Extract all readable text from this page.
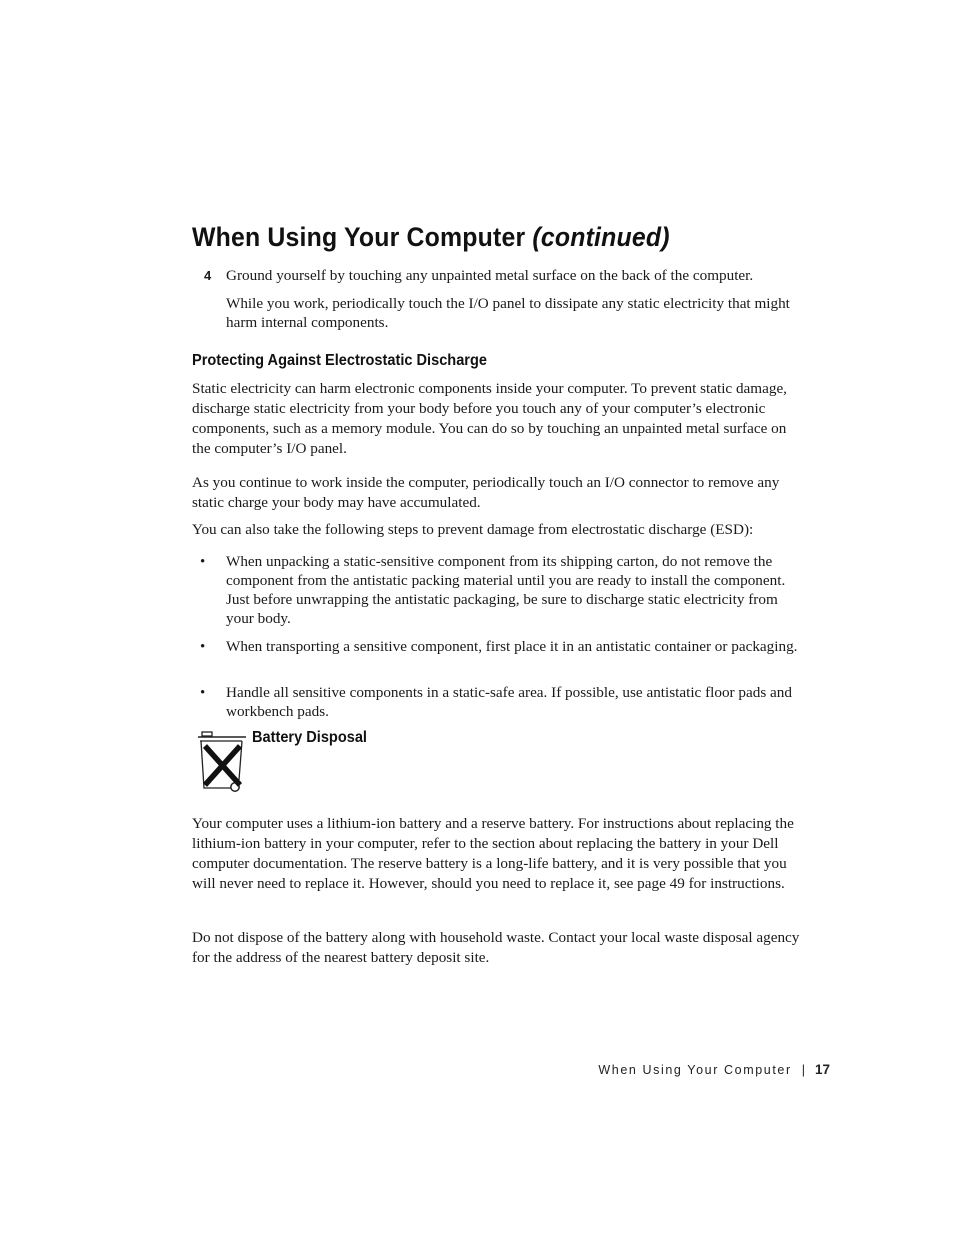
When Using Your Computer (continued)
4 Ground yourself by touching any unpainted metal surface on the back of the computer.

While you work, periodically touch the I/O panel to dissipate any static electricity that might harm internal components.

Protecting Against Electrostatic Discharge

Static electricity can harm electronic components inside your computer. To prevent static damage, discharge static electricity from your body before you touch any of your computer’s electronic components, such as a memory module. You can do so by touching an unpainted metal surface on the computer’s I/O panel.

As you continue to work inside the computer, periodically touch an I/O connector to remove any static charge your body may have accumulated.

You can also take the following steps to prevent damage from electrostatic discharge (ESD):

• When unpacking a static-sensitive component from its shipping carton, do not remove the component from the antistatic packing material until you are ready to install the component. Just before unwrapping the antistatic packaging, be sure to discharge static electricity from your body.

• When transporting a sensitive component, first place it in an antistatic container or packaging.

• Handle all sensitive components in a static-safe area. If possible, use antistatic floor pads and workbench pads.

Battery Disposal

Your computer uses a lithium-ion battery and a reserve battery. For instructions about replacing the lithium-ion battery in your computer, refer to the section about replacing the battery in your Dell computer documentation. The reserve battery is a long-life battery, and it is very possible that you will never need to replace it. However, should you need to replace it, see page 49 for instructions.

Do not dispose of the battery along with household waste. Contact your local waste disposal agency for the address of the nearest battery deposit site.

When Using Your Computer | 17
